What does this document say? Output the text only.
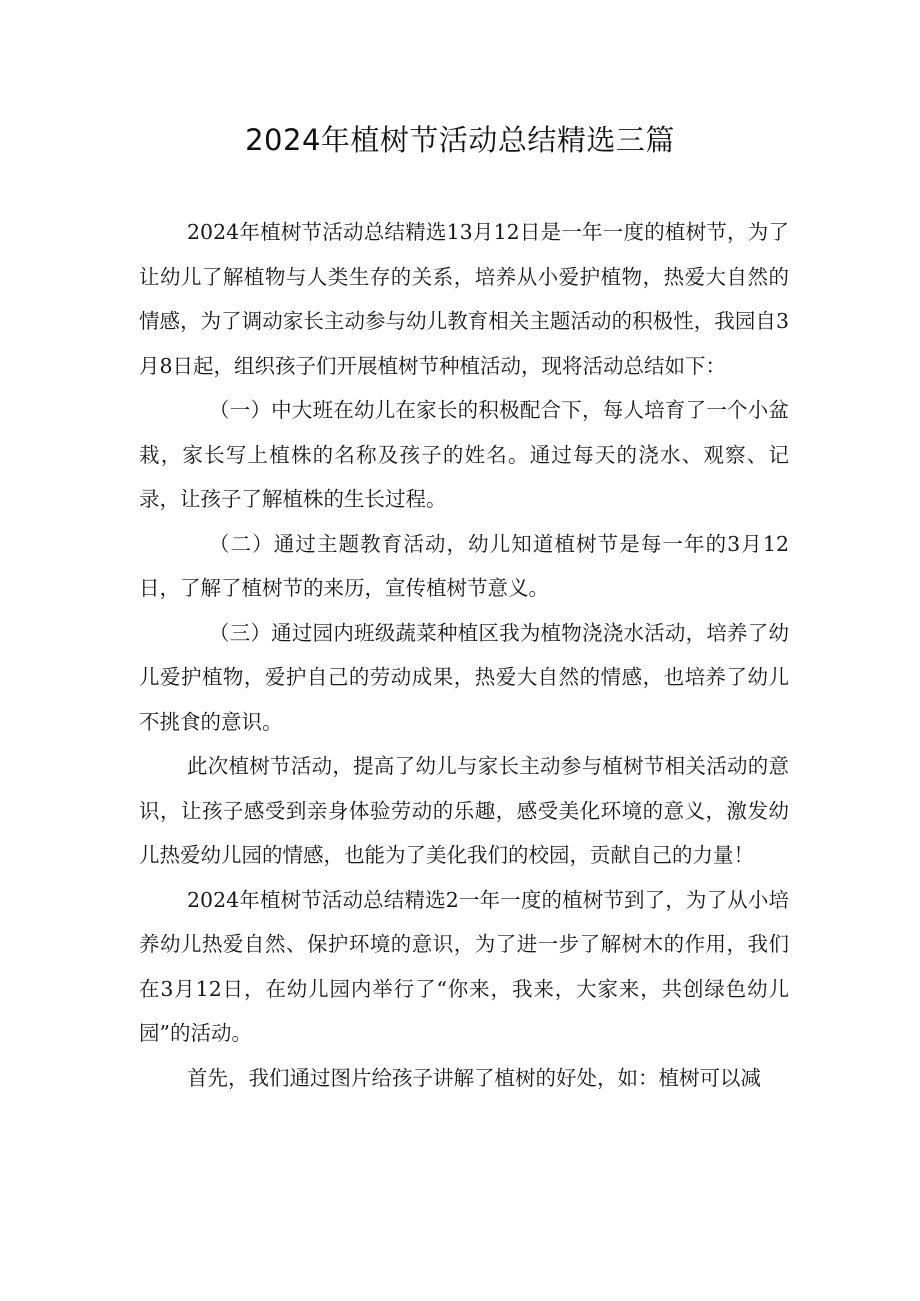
2024年植树节活动总结精选三篇

2024年植树节活动总结精选13月12日是一年一度的植树节，为了让幼儿了解植物与人类生存的关系，培养从小爱护植物，热爱大自然的情感，为了调动家长主动参与幼儿教育相关主题活动的积极性，我园自3月8日起，组织孩子们开展植树节种植活动，现将活动总结如下：

（一）中大班在幼儿在家长的积极配合下，每人培育了一个小盆栽，家长写上植株的名称及孩子的姓名。通过每天的浇水、观察、记录，让孩子了解植株的生长过程。

（二）通过主题教育活动，幼儿知道植树节是每一年的3月12日，了解了植树节的来历，宣传植树节意义。

（三）通过园内班级蔬菜种植区我为植物浇浇水活动，培养了幼儿爱护植物，爱护自己的劳动成果，热爱大自然的情感，也培养了幼儿不挑食的意识。

此次植树节活动，提高了幼儿与家长主动参与植树节相关活动的意识，让孩子感受到亲身体验劳动的乐趣，感受美化环境的意义，激发幼儿热爱幼儿园的情感，也能为了美化我们的校园，贡献自己的力量！

2024年植树节活动总结精选2一年一度的植树节到了，为了从小培养幼儿热爱自然、保护环境的意识，为了进一步了解树木的作用，我们在3月12日，在幼儿园内举行了“你来，我来，大家来，共创绿色幼儿园”的活动。

首先，我们通过图片给孩子讲解了植树的好处，如：植树可以减
